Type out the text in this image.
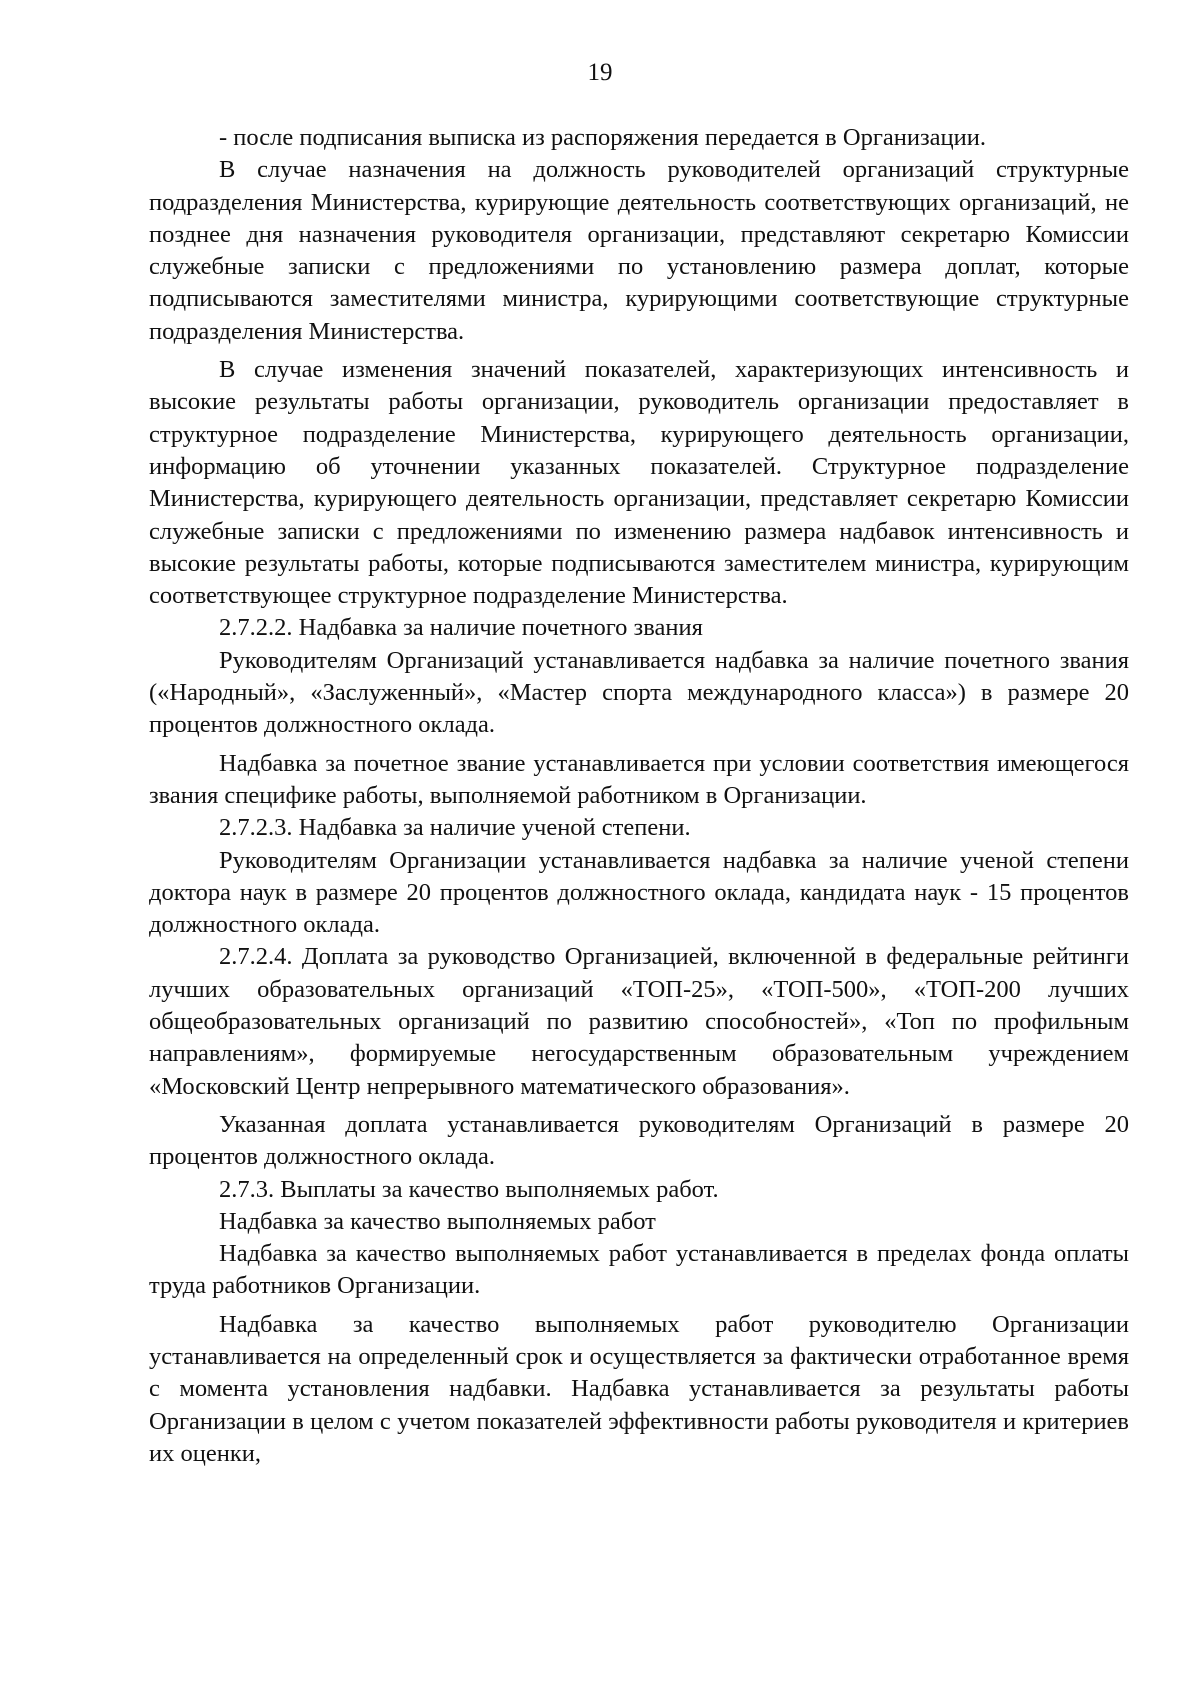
19

- после подписания выписка из распоряжения передается в Организации.

В случае назначения на должность руководителей организаций структурные подразделения Министерства, курирующие деятельность соответствующих организаций, не позднее дня назначения руководителя организации, представляют секретарю Комиссии служебные записки с предложениями по установлению размера доплат, которые подписываются заместителями министра, курирующими соответствующие структурные подразделения Министерства.

В случае изменения значений показателей, характеризующих интенсивность и высокие результаты работы организации, руководитель организации предоставляет в структурное подразделение Министерства, курирующего деятельность организации, информацию об уточнении указанных показателей. Структурное подразделение Министерства, курирующего деятельность организации, представляет секретарю Комиссии служебные записки с предложениями по изменению размера надбавок интенсивность и высокие результаты работы, которые подписываются заместителем министра, курирующим соответствующее структурное подразделение Министерства.

2.7.2.2. Надбавка за наличие почетного звания

Руководителям Организаций устанавливается надбавка за наличие почетного звания («Народный», «Заслуженный», «Мастер спорта международного класса») в размере 20 процентов должностного оклада.

Надбавка за почетное звание устанавливается при условии соответствия имеющегося звания специфике работы, выполняемой работником в Организации.

2.7.2.3. Надбавка за наличие ученой степени.

Руководителям Организации устанавливается надбавка за наличие ученой степени доктора наук в размере 20 процентов должностного оклада, кандидата наук - 15 процентов должностного оклада.

2.7.2.4. Доплата за руководство Организацией, включенной в федеральные рейтинги лучших образовательных организаций «ТОП-25», «ТОП-500», «ТОП-200 лучших общеобразовательных организаций по развитию способностей», «Топ по профильным направлениям», формируемые негосударственным образовательным учреждением «Московский Центр непрерывного математического образования».

Указанная доплата устанавливается руководителям Организаций в размере 20 процентов должностного оклада.

2.7.3. Выплаты за качество выполняемых работ.

Надбавка за качество выполняемых работ

Надбавка за качество выполняемых работ устанавливается в пределах фонда оплаты труда работников Организации.

Надбавка за качество выполняемых работ руководителю Организации устанавливается на определенный срок и осуществляется за фактически отработанное время с момента установления надбавки. Надбавка устанавливается за результаты работы Организации в целом с учетом показателей эффективности работы руководителя и критериев их оценки,
